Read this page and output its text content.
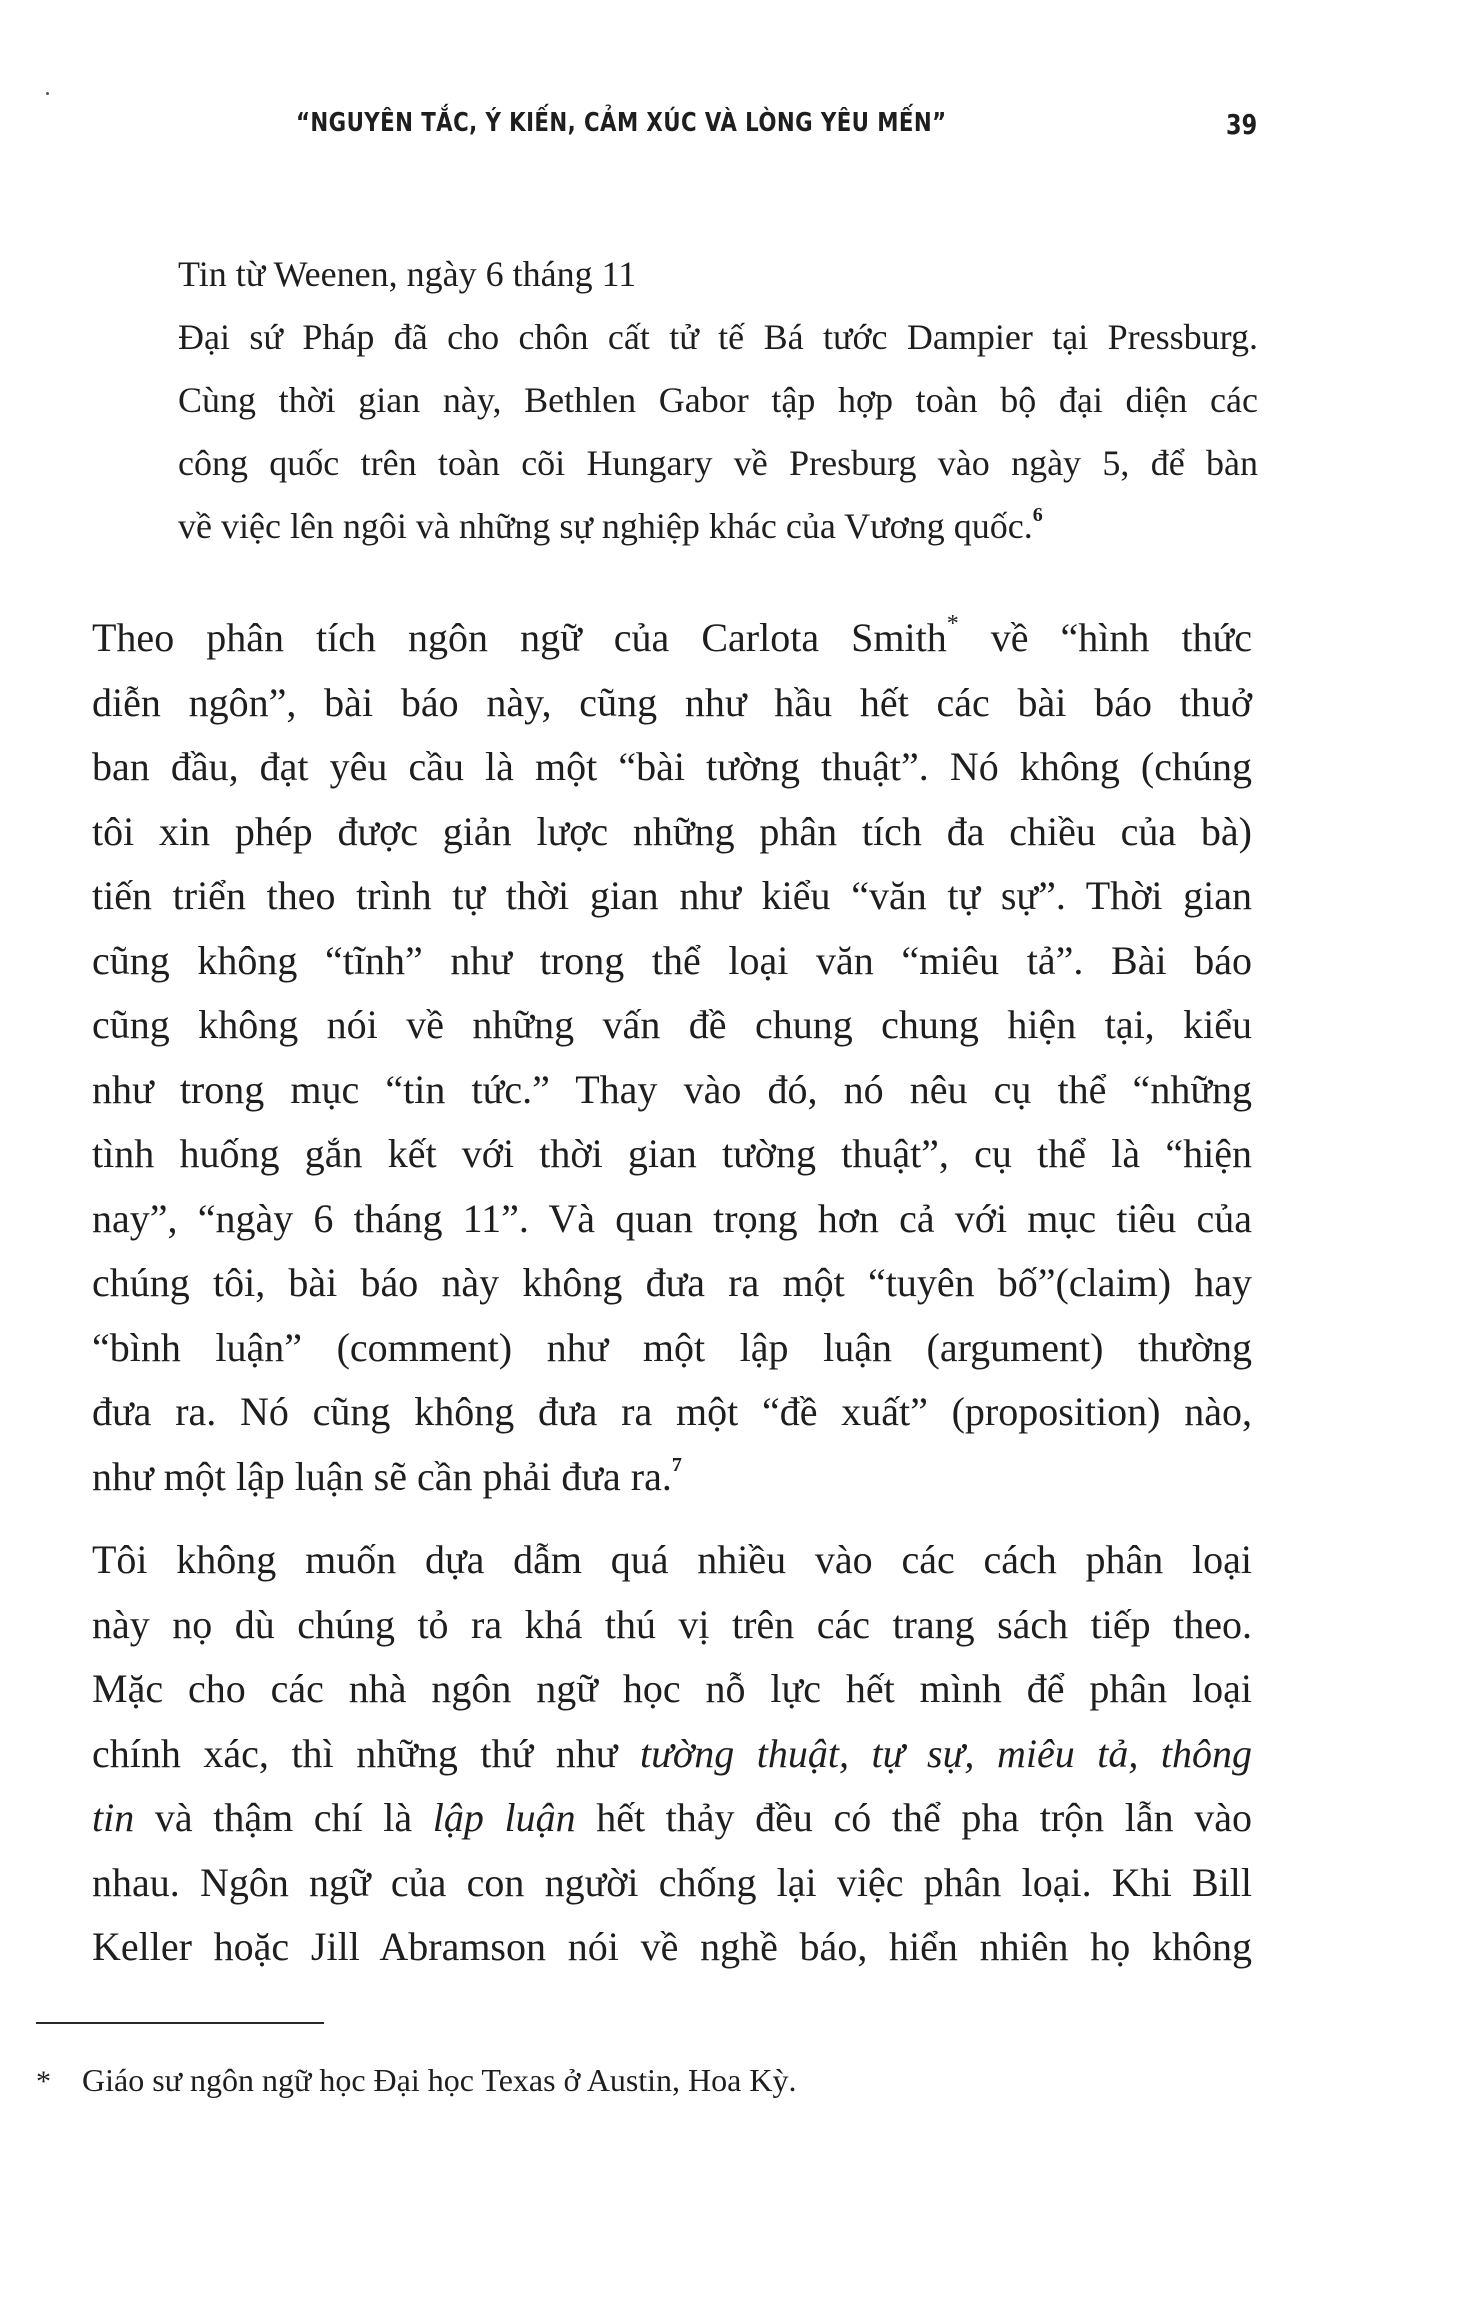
“NGUYÊN TẮC, Ý KIẾN, CẢM XÚC VÀ LÒNG YÊU MẾN”	39
Tin từ Weenen, ngày 6 tháng 11
Đại sứ Pháp đã cho chôn cất tử tế Bá tước Dampier tại Pressburg.
Cùng thời gian này, Bethlen Gabor tập hợp toàn bộ đại diện các
công quốc trên toàn cõi Hungary về Presburg vào ngày 5, để bàn
về việc lên ngôi và những sự nghiệp khác của Vương quốc.$^6$
Theo phân tích ngôn ngữ của Carlota Smith* về “hình thức
diễn ngôn”, bài báo này, cũng như hầu hết các bài báo thuở
ban đầu, đạt yêu cầu là một “bài tường thuật”. Nó không (chúng
tôi xin phép được giản lược những phân tích đa chiều của bà)
tiến triển theo trình tự thời gian như kiểu “văn tự sự”. Thời gian
cũng không “tĩnh” như trong thể loại văn “miêu tả”. Bài báo
cũng không nói về những vấn đề chung chung hiện tại, kiểu
như trong mục “tin tức.” Thay vào đó, nó nêu cụ thể “những
tình huống gắn kết với thời gian tường thuật”, cụ thể là “hiện
nay”, “ngày 6 tháng 11”. Và quan trọng hơn cả với mục tiêu của
chúng tôi, bài báo này không đưa ra một “tuyên bố”(claim) hay
“bình luận” (comment) như một lập luận (argument) thường
đưa ra. Nó cũng không đưa ra một “đề xuất” (proposition) nào,
như một lập luận sẽ cần phải đưa ra.$^7$
Tôi không muốn dựa dẫm quá nhiều vào các cách phân loại
này nọ dù chúng tỏ ra khá thú vị trên các trang sách tiếp theo.
Mặc cho các nhà ngôn ngữ học nỗ lực hết mình để phân loại
chính xác, thì những thứ như tường thuật, tự sự, miêu tả, thông
tin và thậm chí là lập luận hết thảy đều có thể pha trộn lẫn vào
nhau. Ngôn ngữ của con người chống lại việc phân loại. Khi Bill
Keller hoặc Jill Abramson nói về nghề báo, hiển nhiên họ không
* Giáo sư ngôn ngữ học Đại học Texas ở Austin, Hoa Kỳ.
